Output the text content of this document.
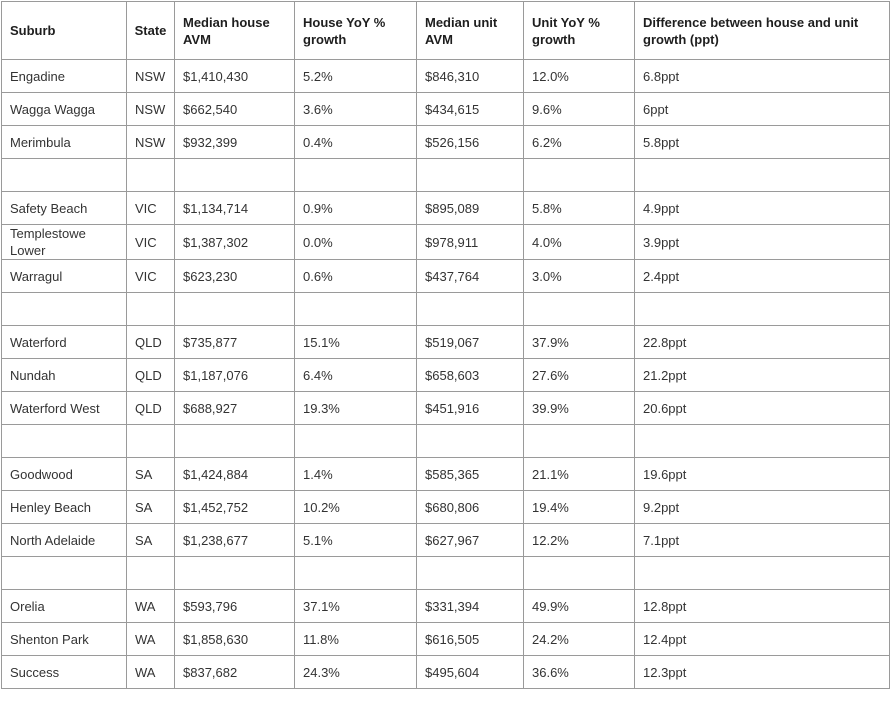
Suburb	State	Median house AVM	House YoY % growth	Median unit AVM	Unit YoY % growth	Difference between house and unit growth (ppt)
Engadine	NSW	$1,410,430	5.2%	$846,310	12.0%	6.8ppt
Wagga Wagga	NSW	$662,540	3.6%	$434,615	9.6%	6ppt
Merimbula	NSW	$932,399	0.4%	$526,156	6.2%	5.8ppt

Safety Beach	VIC	$1,134,714	0.9%	$895,089	5.8%	4.9ppt
Templestowe Lower	VIC	$1,387,302	0.0%	$978,911	4.0%	3.9ppt
Warragul	VIC	$623,230	0.6%	$437,764	3.0%	2.4ppt

Waterford	QLD	$735,877	15.1%	$519,067	37.9%	22.8ppt
Nundah	QLD	$1,187,076	6.4%	$658,603	27.6%	21.2ppt
Waterford West	QLD	$688,927	19.3%	$451,916	39.9%	20.6ppt

Goodwood	SA	$1,424,884	1.4%	$585,365	21.1%	19.6ppt
Henley Beach	SA	$1,452,752	10.2%	$680,806	19.4%	9.2ppt
North Adelaide	SA	$1,238,677	5.1%	$627,967	12.2%	7.1ppt

Orelia	WA	$593,796	37.1%	$331,394	49.9%	12.8ppt
Shenton Park	WA	$1,858,630	11.8%	$616,505	24.2%	12.4ppt
Success	WA	$837,682	24.3%	$495,604	36.6%	12.3ppt
